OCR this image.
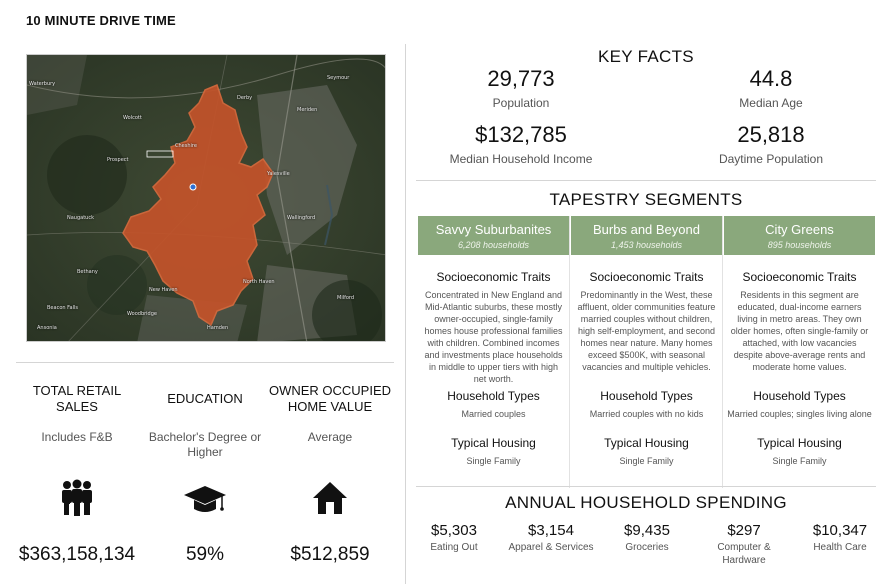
10 MINUTE DRIVE TIME
Waterbury
Wolcott
Prospect
Meriden
Cheshire
Hamden
Wallingford
Yalesville
North Haven
New Haven
Bethany
Woodbridge
Naugatuck
Beacon Falls
Seymour
Ansonia
Derby
Milford
TOTAL RETAIL SALES
Includes F&B
$363,158,134
EDUCATION
Bachelor's Degree or Higher
59%
OWNER OCCUPIED HOME VALUE
Average
$512,859
KEY FACTS
29,773
Population
44.8
Median Age
$132,785
Median Household Income
25,818
Daytime Population
TAPESTRY SEGMENTS
Savvy Suburbanites
6,208 households
Burbs and Beyond
1,453 households
City Greens
895 households
Socioeconomic Traits
Concentrated in New England and Mid-Atlantic suburbs, these mostly owner-occupied, single-family homes house professional families with children. Combined incomes and investments place households in middle to upper tiers with high net worth.
Household Types
Married couples
Typical Housing
Single Family
Socioeconomic Traits
Predominantly in the West, these affluent, older communities feature married couples without children, high self-employment, and second homes near nature. Many homes exceed $500K, with seasonal vacancies and multiple vehicles.
Household Types
Married couples with no kids
Typical Housing
Single Family
Socioeconomic Traits
Residents in this segment are educated, dual-income earners living in metro areas. They own older homes, often single-family or attached, with low vacancies despite above-average rents and moderate home values.
Household Types
Married couples; singles living alone
Typical Housing
Single Family
ANNUAL HOUSEHOLD SPENDING
$5,303
Eating Out
$3,154
Apparel & Services
$9,435
Groceries
$297
Computer & Hardware
$10,347
Health Care
